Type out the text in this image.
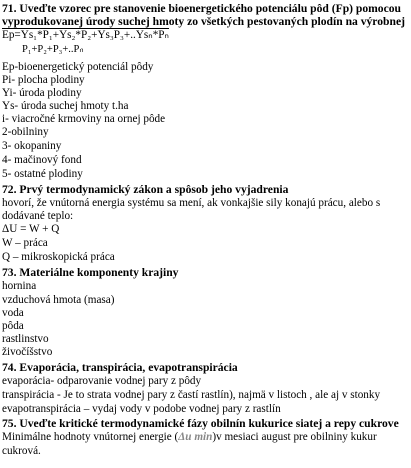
71. Uveďte vzorec pre stanovenie bioenergetického potenciálu pôd (Fp) pomocou
vyprodukovanej úrody suchej hmoty zo všetkých pestovaných plodín na výrobnej
Ep=Ys₁*P₁+Ys₂*P₂+Ys₃P₃+..Ysₙ*Pₙ
P₁+P₂+P₃+..Pₙ
Ep-bioenergetický potenciál pôdy
Pi- plocha plodiny
Yi- úroda plodiny
Ys- úroda suchej hmoty t.ha
i- viacročné krmoviny na ornej pôde
2-obilniny
3- okopaniny
4- mačinový fond
5- ostatné plodiny
72. Prvý termodynamický zákon a spôsob jeho vyjadrenia
hovorí, že vnútorná energia systému sa mení, ak vonkajšie sily konajú prácu, alebo s
dodávané teplo:
ΔU = W + Q
W – práca
Q – mikroskopická práca
73. Materiálne komponenty krajiny
hornina
vzduchová hmota (masa)
voda
pôda
rastlinstvo
živočíšstvo
74. Evaporácia, transpirácia, evapotranspirácia
evaporácia- odparovanie vodnej pary z pôdy
transpirácia - Je to strata vodnej pary z častí rastlín), najmä v listoch , ale aj v stonky
evapotranspirácia – vydaj vody v podobe vodnej pary z rastlín
75. Uveďte kritické termodynamické fázy obilnín kukurice siatej a repy cukrove
Minimálne hodnoty vnútornej energie (Δu min)v mesiaci august pre obilniny kukur
cukrová.
